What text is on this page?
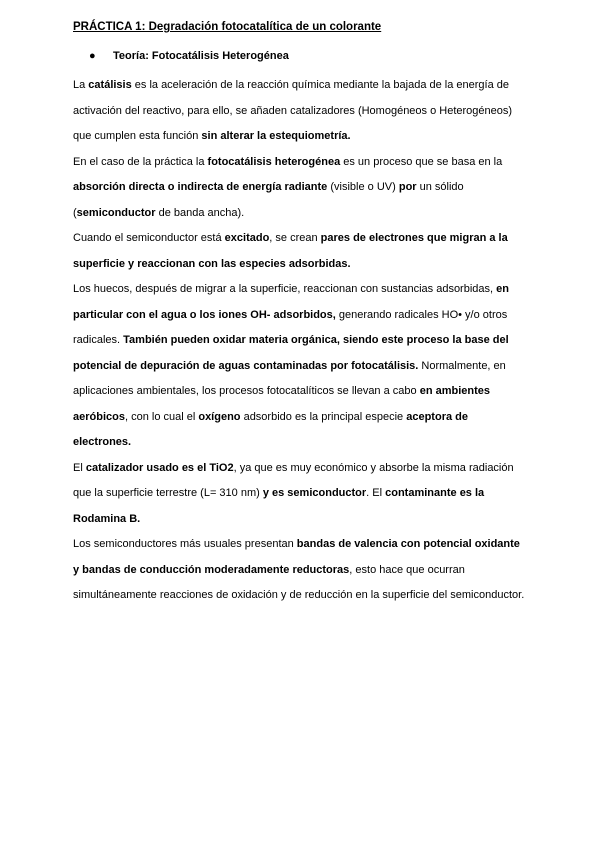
PRÁCTICA 1: Degradación fotocatalítica de un colorante
● Teoría: Fotocatálisis Heterogénea
La catálisis es la aceleración de la reacción química mediante la bajada de la energía de
activación del reactivo, para ello, se añaden catalizadores (Homogéneos o Heterogéneos)
que cumplen esta función sin alterar la estequiometría.
En el caso de la práctica la fotocatálisis heterogénea es un proceso que se basa en la
absorción directa o indirecta de energía radiante (visible o UV) por un sólido
(semiconductor de banda ancha).
Cuando el semiconductor está excitado, se crean pares de electrones que migran a la
superficie y reaccionan con las especies adsorbidas.
Los huecos, después de migrar a la superficie, reaccionan con sustancias adsorbidas, en
particular con el agua o los iones OH- adsorbidos, generando radicales HO• y/o otros
radicales. También pueden oxidar materia orgánica, siendo este proceso la base del
potencial de depuración de aguas contaminadas por fotocatálisis. Normalmente, en
aplicaciones ambientales, los procesos fotocatalíticos se llevan a cabo en ambientes
aeróbicos, con lo cual el oxígeno adsorbido es la principal especie aceptora de
electrones.
El catalizador usado es el TiO2, ya que es muy económico y absorbe la misma radiación
que la superficie terrestre (L= 310 nm) y es semiconductor. El contaminante es la
Rodamina B.
Los semiconductores más usuales presentan bandas de valencia con potencial oxidante
y bandas de conducción moderadamente reductoras, esto hace que ocurran
simultáneamente reacciones de oxidación y de reducción en la superficie del semiconductor.
